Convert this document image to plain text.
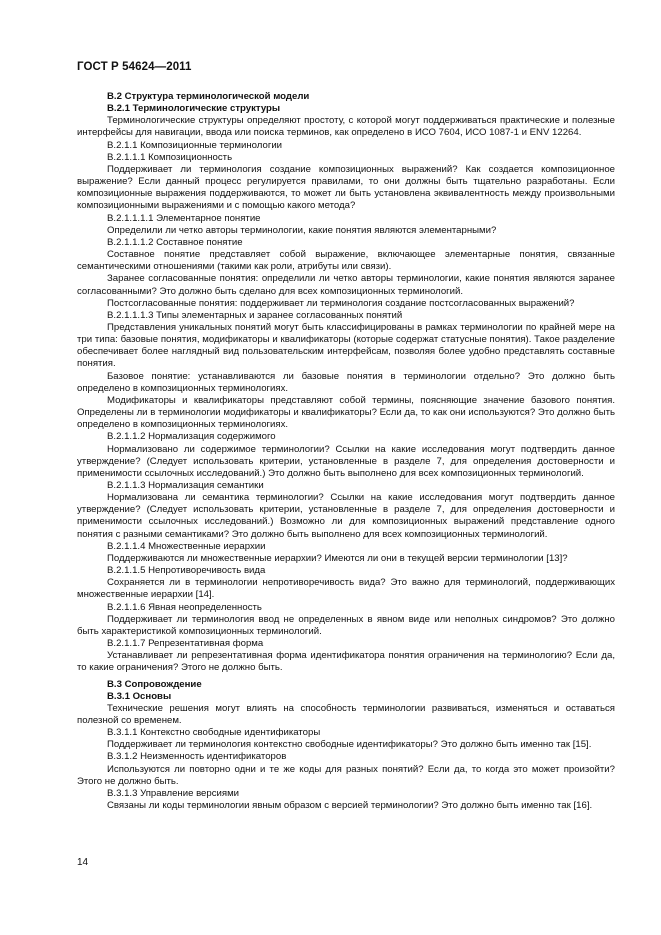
ГОСТ Р 54624—2011

В.2 Структура терминологической модели

В.2.1 Терминологические структуры

Терминологические структуры определяют простоту, с которой могут поддерживаться практические и полезные интерфейсы для навигации, ввода или поиска терминов, как определено в ИСО 7604, ИСО 1087-1 и ENV 12264.

В.2.1.1 Композиционные терминологии

В.2.1.1.1 Композиционность

Поддерживает ли терминология создание композиционных выражений? Как создается композиционное выражение? Если данный процесс регулируется правилами, то они должны быть тщательно разработаны. Если композиционные выражения поддерживаются, то может ли быть установлена эквивалентность между произвольными композиционными выражениями и с помощью какого метода?

В.2.1.1.1.1 Элементарное понятие

Определили ли четко авторы терминологии, какие понятия являются элементарными?

В.2.1.1.1.2 Составное понятие

Составное понятие представляет собой выражение, включающее элементарные понятия, связанные семантическими отношениями (такими как роли, атрибуты или связи).

Заранее согласованные понятия: определили ли четко авторы терминологии, какие понятия являются заранее согласованными? Это должно быть сделано для всех композиционных терминологий.

Постсогласованные понятия: поддерживает ли терминология создание постсогласованных выражений?

В.2.1.1.1.3 Типы элементарных и заранее согласованных понятий

Представления уникальных понятий могут быть классифицированы в рамках терминологии по крайней мере на три типа: базовые понятия, модификаторы и квалификаторы (которые содержат статусные понятия). Такое разделение обеспечивает более наглядный вид пользовательским интерфейсам, позволяя более удобно представлять составные понятия.

Базовое понятие: устанавливаются ли базовые понятия в терминологии отдельно? Это должно быть определено в композиционных терминологиях.

Модификаторы и квалификаторы представляют собой термины, поясняющие значение базового понятия. Определены ли в терминологии модификаторы и квалификаторы? Если да, то как они используются? Это должно быть определено в композиционных терминологиях.

В.2.1.1.2 Нормализация содержимого

Нормализовано ли содержимое терминологии? Ссылки на какие исследования могут подтвердить данное утверждение? (Следует использовать критерии, установленные в разделе 7, для определения достоверности и применимости ссылочных исследований.) Это должно быть выполнено для всех композиционных терминологий.

В.2.1.1.3 Нормализация семантики

Нормализована ли семантика терминологии? Ссылки на какие исследования могут подтвердить данное утверждение? (Следует использовать критерии, установленные в разделе 7, для определения достоверности и применимости ссылочных исследований.) Возможно ли для композиционных выражений представление одного понятия с разными семантиками? Это должно быть выполнено для всех композиционных терминологий.

В.2.1.1.4 Множественные иерархии

Поддерживаются ли множественные иерархии? Имеются ли они в текущей версии терминологии [13]?

В.2.1.1.5 Непротиворечивость вида

Сохраняется ли в терминологии непротиворечивость вида? Это важно для терминологий, поддерживающих множественные иерархии [14].

В.2.1.1.6 Явная неопределенность

Поддерживает ли терминология ввод не определенных в явном виде или неполных синдромов? Это должно быть характеристикой композиционных терминологий.

В.2.1.1.7 Репрезентативная форма

Устанавливает ли репрезентативная форма идентификатора понятия ограничения на терминологию? Если да, то какие ограничения? Этого не должно быть.

В.3 Сопровождение

В.3.1 Основы

Технические решения могут влиять на способность терминологии развиваться, изменяться и оставаться полезной со временем.

В.3.1.1 Контекстно свободные идентификаторы

Поддерживает ли терминология контекстно свободные идентификаторы? Это должно быть именно так [15].

В.3.1.2 Неизменность идентификаторов

Используются ли повторно одни и те же коды для разных понятий? Если да, то когда это может произойти? Этого не должно быть.

В.3.1.3 Управление версиями

Связаны ли коды терминологии явным образом с версией терминологии? Это должно быть именно так [16].

14
